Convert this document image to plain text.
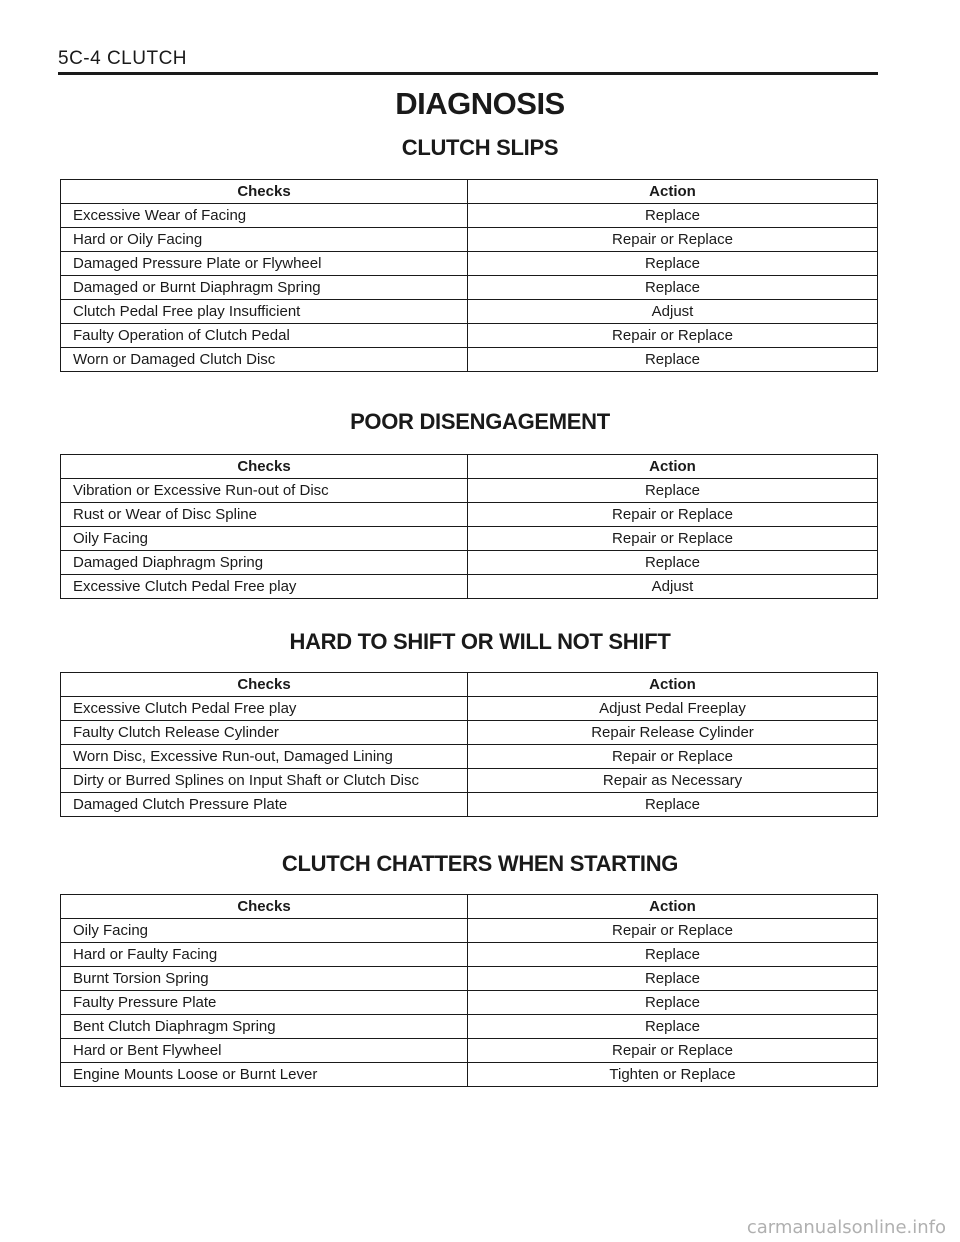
5C-4 CLUTCH
DIAGNOSIS
CLUTCH SLIPS
Checks	Action
Excessive Wear of Facing	Replace
Hard or Oily Facing	Repair or Replace
Damaged Pressure Plate or Flywheel	Replace
Damaged or Burnt Diaphragm Spring	Replace
Clutch Pedal Free play Insufficient	Adjust
Faulty Operation of Clutch Pedal	Repair or Replace
Worn or Damaged Clutch Disc	Replace
POOR DISENGAGEMENT
Checks	Action
Vibration or Excessive Run-out of Disc	Replace
Rust or Wear of Disc Spline	Repair or Replace
Oily Facing	Repair or Replace
Damaged Diaphragm Spring	Replace
Excessive Clutch Pedal Free play	Adjust
HARD TO SHIFT OR WILL NOT SHIFT
Checks	Action
Excessive Clutch Pedal Free play	Adjust Pedal Freeplay
Faulty Clutch Release Cylinder	Repair Release Cylinder
Worn Disc, Excessive Run-out, Damaged Lining	Repair or Replace
Dirty or Burred Splines on Input Shaft or Clutch Disc	Repair as Necessary
Damaged Clutch Pressure Plate	Replace
CLUTCH CHATTERS WHEN STARTING
Checks	Action
Oily Facing	Repair or Replace
Hard or Faulty Facing	Replace
Burnt Torsion Spring	Replace
Faulty Pressure Plate	Replace
Bent Clutch Diaphragm Spring	Replace
Hard or Bent Flywheel	Repair or Replace
Engine Mounts Loose or Burnt Lever	Tighten or Replace
carmanualsonline.info
